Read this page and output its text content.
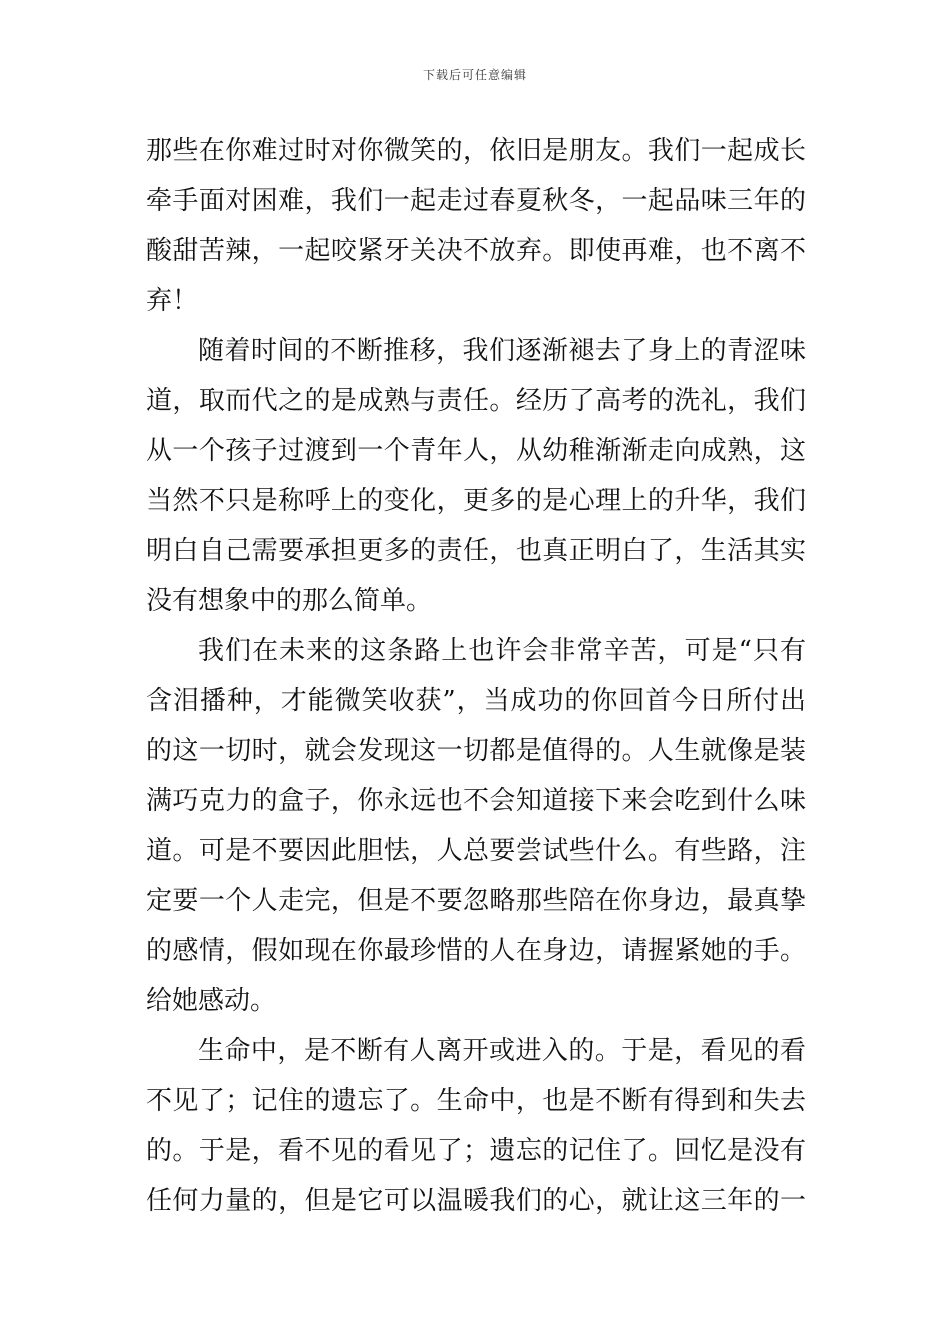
下载后可任意编辑
那些在你难过时对你微笑的，依旧是朋友。我们一起成长
牵手面对困难，我们一起走过春夏秋冬，一起品味三年的
酸甜苦辣，一起咬紧牙关决不放弃。即使再难，也不离不
弃！
随着时间的不断推移，我们逐渐褪去了身上的青涩味
道，取而代之的是成熟与责任。经历了高考的洗礼，我们
从一个孩子过渡到一个青年人，从幼稚渐渐走向成熟，这
当然不只是称呼上的变化，更多的是心理上的升华，我们
明白自己需要承担更多的责任，也真正明白了，生活其实
没有想象中的那么简单。
我们在未来的这条路上也许会非常辛苦，可是“只有
含泪播种，才能微笑收获”，当成功的你回首今日所付出
的这一切时，就会发现这一切都是值得的。人生就像是装
满巧克力的盒子，你永远也不会知道接下来会吃到什么味
道。可是不要因此胆怯，人总要尝试些什么。有些路，注
定要一个人走完，但是不要忽略那些陪在你身边，最真挚
的感情，假如现在你最珍惜的人在身边，请握紧她的手。
给她感动。
生命中，是不断有人离开或进入的。于是，看见的看
不见了；记住的遗忘了。生命中，也是不断有得到和失去
的。于是，看不见的看见了；遗忘的记住了。回忆是没有
任何力量的，但是它可以温暖我们的心，就让这三年的一
